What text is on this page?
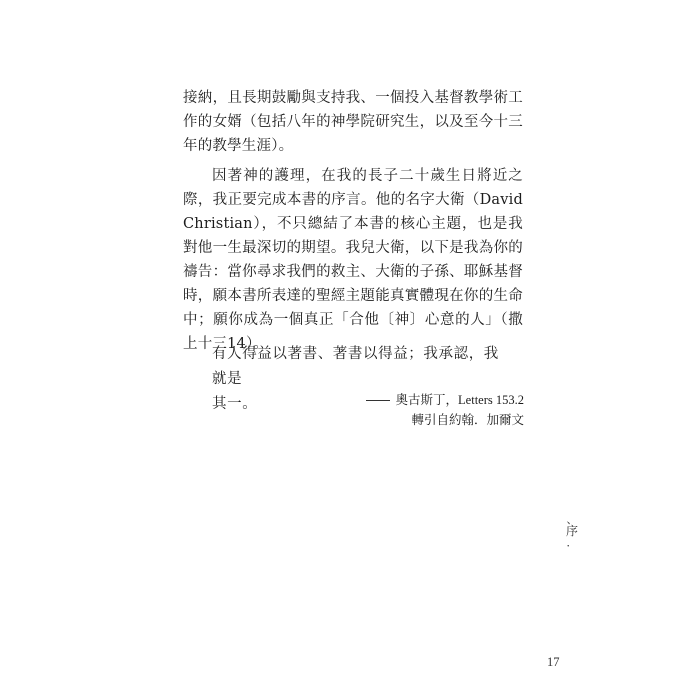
接納，且長期鼓勵與支持我、一個投入基督教學術工作的女婿（包括八年的神學院研究生，以及至今十三年的教學生涯）。

因著神的護理，在我的長子二十歲生日將近之際，我正要完成本書的序言。他的名字大衛（David Christian），不只總結了本書的核心主題，也是我對他一生最深切的期望。我兒大衛，以下是我為你的禱告：當你尋求我們的救主、大衛的子孫、耶穌基督時，願本書所表達的聖經主題能真實體現在你的生命中；願你成為一個真正「合他〔神〕心意的人」（撒上十三14）。

有人得益以著書、著書以得益；我承認，我就是
其一。	奧古斯丁，Letters 153.2
轉引自約翰．加爾文
、
序
．
17
